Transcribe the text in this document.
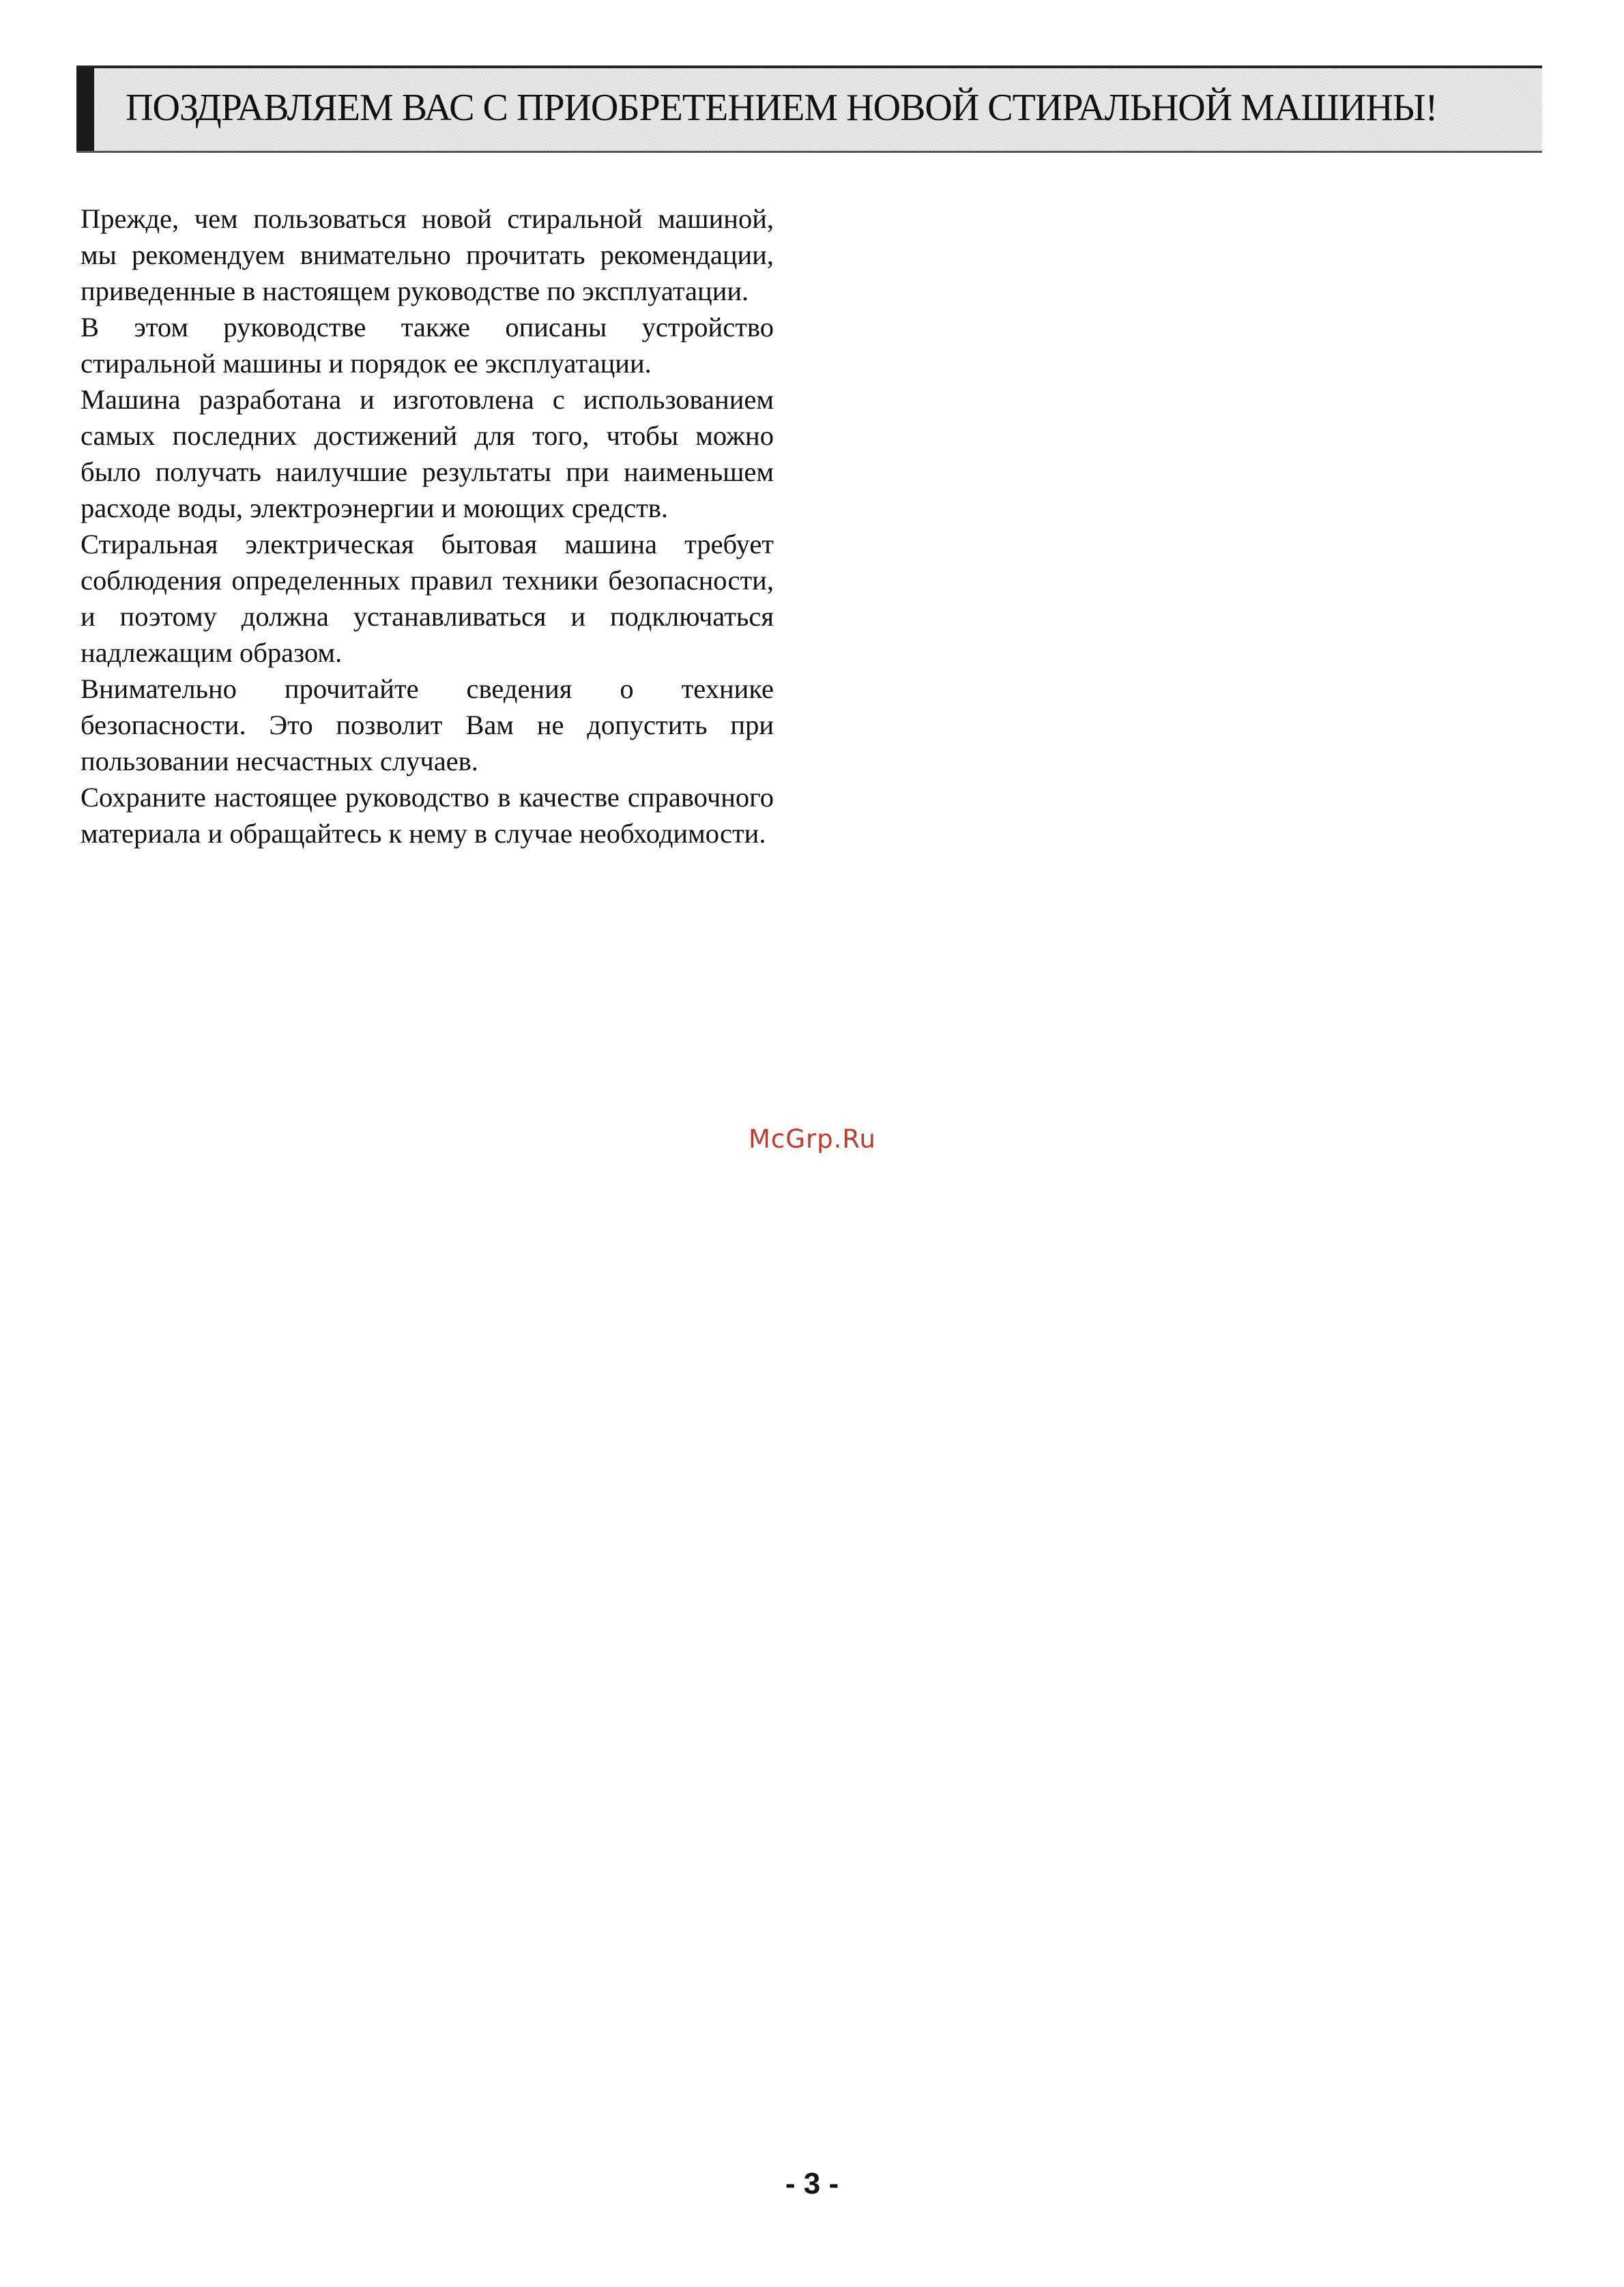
ПОЗДРАВЛЯЕМ ВАС С ПРИОБРЕТЕНИЕМ НОВОЙ СТИРАЛЬНОЙ МАШИНЫ!

Прежде, чем пользоваться новой стиральной машиной, мы рекомендуем внимательно прочитать рекомендации, приведенные в настоящем руководстве по эксплуатации.

В этом руководстве также описаны устройство стиральной машины и порядок ее эксплуатации.

Машина разработана и изготовлена с использованием самых последних достижений для того, чтобы можно было получать наилучшие результаты при наименьшем расходе воды, электроэнергии и моющих средств.

Стиральная электрическая бытовая машина требует соблюдения определенных правил техники безопасности, и поэтому должна устанавливаться и подключаться надлежащим образом.

Внимательно прочитайте сведения о технике безопасности. Это позволит Вам не допустить при пользовании несчастных случаев.

Сохраните настоящее руководство в качестве справочного материала и обращайтесь к нему в случае необходимости.

McGrp.Ru
- 3 -
